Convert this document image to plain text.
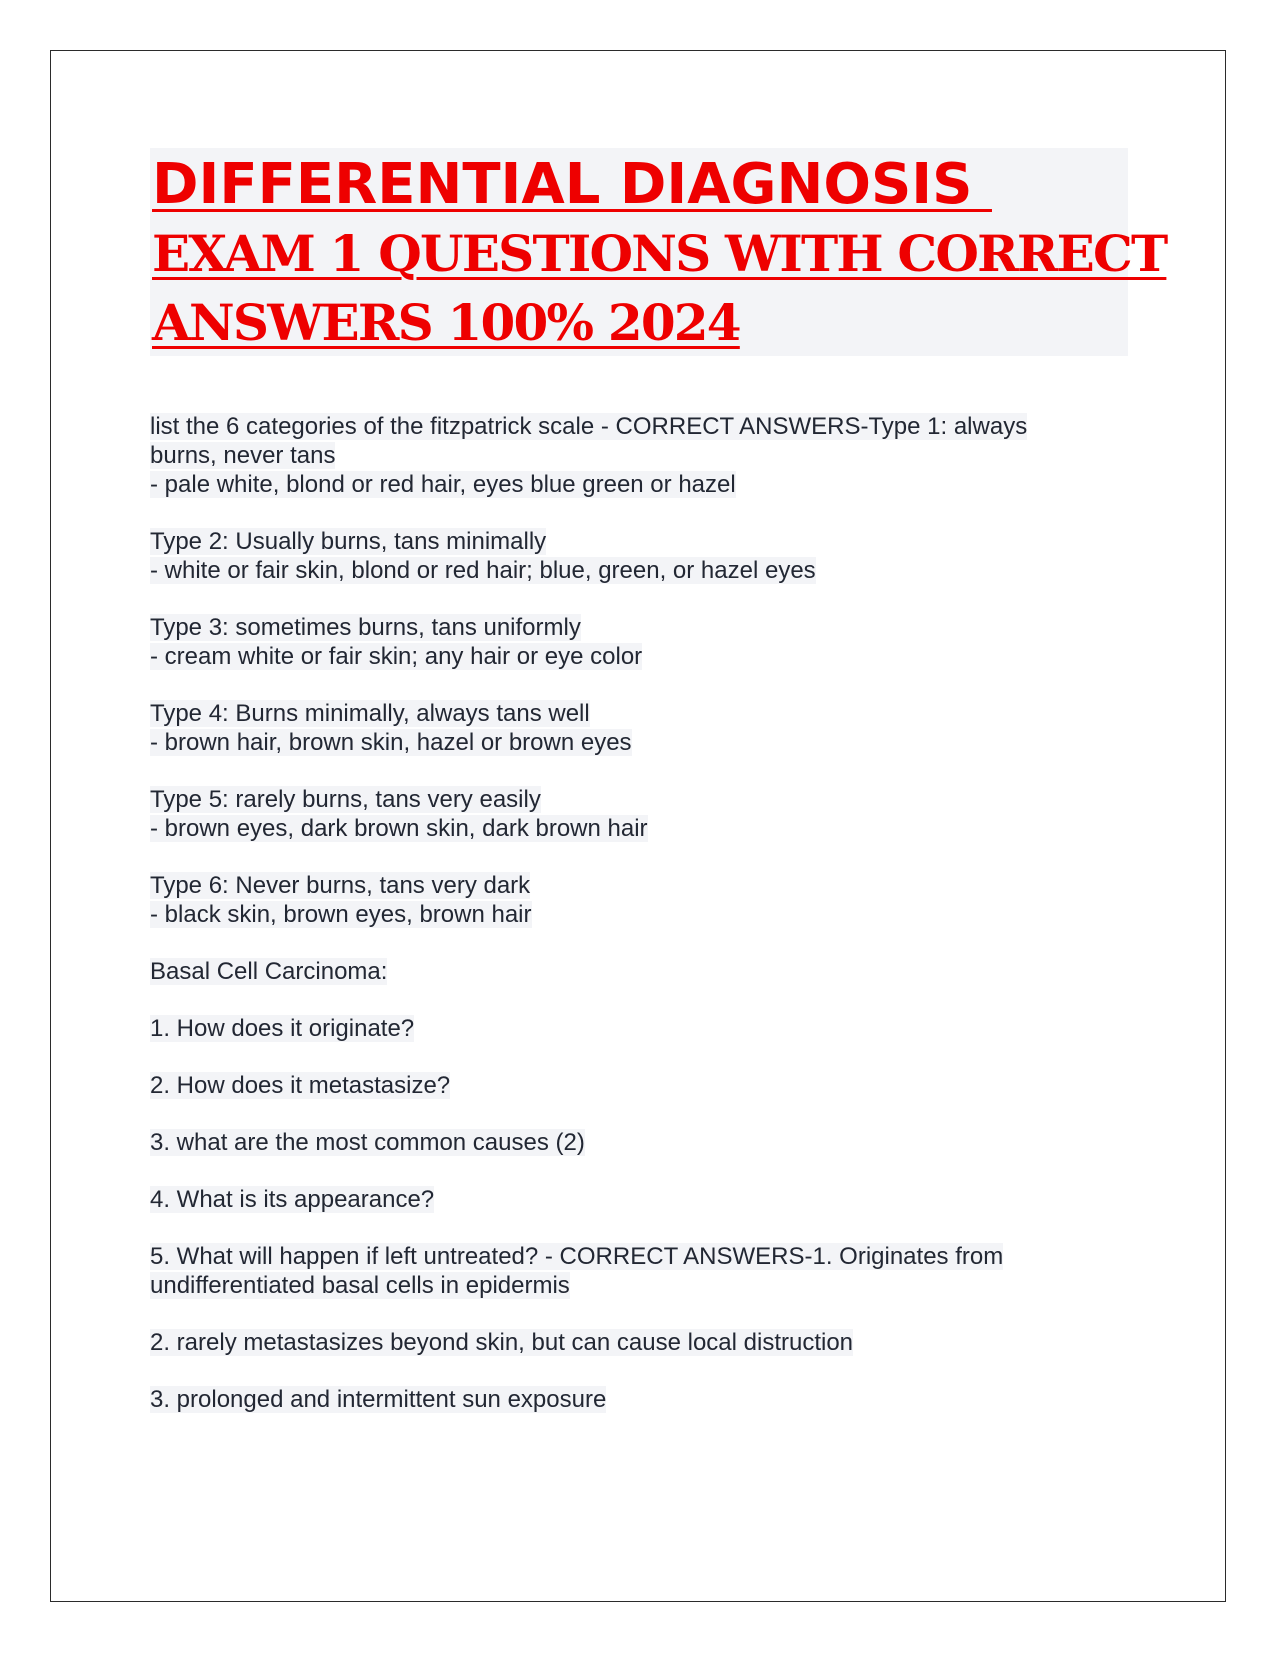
DIFFERENTIAL DIAGNOSIS
EXAM 1 QUESTIONS WITH CORRECT
ANSWERS 100% 2024
list the 6 categories of the fitzpatrick scale - CORRECT ANSWERS-Type 1: always
burns, never tans
- pale white, blond or red hair, eyes blue green or hazel
Type 2: Usually burns, tans minimally
- white or fair skin, blond or red hair; blue, green, or hazel eyes
Type 3: sometimes burns, tans uniformly
- cream white or fair skin; any hair or eye color
Type 4: Burns minimally, always tans well
- brown hair, brown skin, hazel or brown eyes
Type 5: rarely burns, tans very easily
- brown eyes, dark brown skin, dark brown hair
Type 6: Never burns, tans very dark
- black skin, brown eyes, brown hair
Basal Cell Carcinoma:
1. How does it originate?
2. How does it metastasize?
3. what are the most common causes (2)
4. What is its appearance?
5. What will happen if left untreated? - CORRECT ANSWERS-1. Originates from
undifferentiated basal cells in epidermis
2. rarely metastasizes beyond skin, but can cause local distruction
3. prolonged and intermittent sun exposure
